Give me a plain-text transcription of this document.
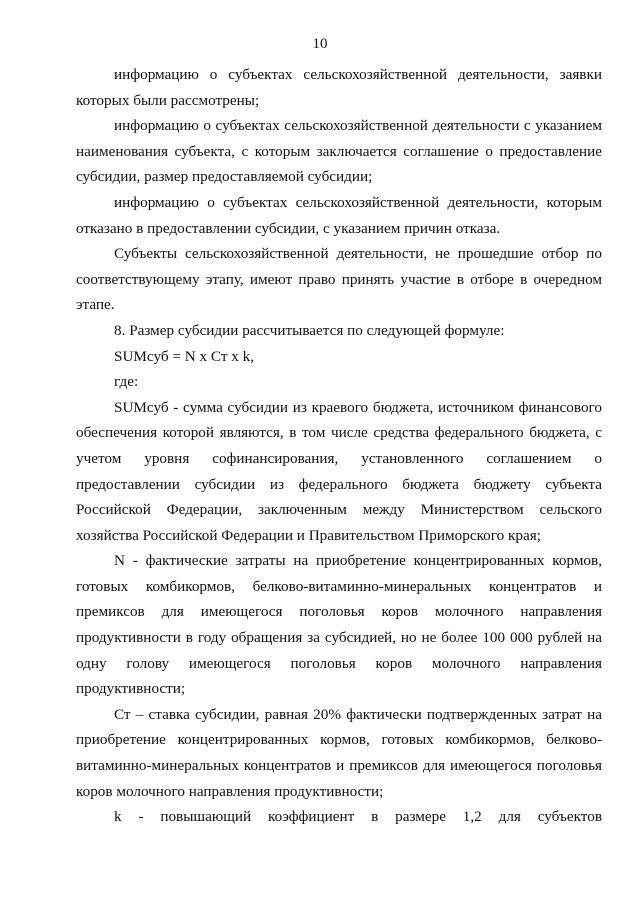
10

информацию о субъектах сельскохозяйственной деятельности, заявки которых были рассмотрены;

информацию о субъектах сельскохозяйственной деятельности с указанием наименования субъекта, с которым заключается соглашение о предоставление субсидии, размер предоставляемой субсидии;

информацию о субъектах сельскохозяйственной деятельности, которым отказано в предоставлении субсидии, с указанием причин отказа.

Субъекты сельскохозяйственной деятельности, не прошедшие отбор по соответствующему этапу, имеют право принять участие в отборе в очередном этапе.

8. Размер субсидии рассчитывается по следующей формуле:

SUMсуб = N x Ст x k,

где:

SUMсуб - сумма субсидии из краевого бюджета, источником финансового обеспечения которой являются, в том числе средства федерального бюджета, с учетом уровня софинансирования, установленного соглашением о предоставлении субсидии из федерального бюджета бюджету субъекта Российской Федерации, заключенным между Министерством сельского хозяйства Российской Федерации и Правительством Приморского края;

N - фактические затраты на приобретение концентрированных кормов, готовых комбикормов, белково-витаминно-минеральных концентратов и премиксов для имеющегося поголовья коров молочного направления продуктивности в году обращения за субсидией, но не более 100 000 рублей на одну голову имеющегося поголовья коров молочного направления продуктивности;

Ст – ставка субсидии, равная 20% фактически подтвержденных затрат на приобретение концентрированных кормов, готовых комбикормов, белково-витаминно-минеральных концентратов и премиксов для имеющегося поголовья коров молочного направления продуктивности;

k - повышающий коэффициент в размере 1,2 для субъектов
